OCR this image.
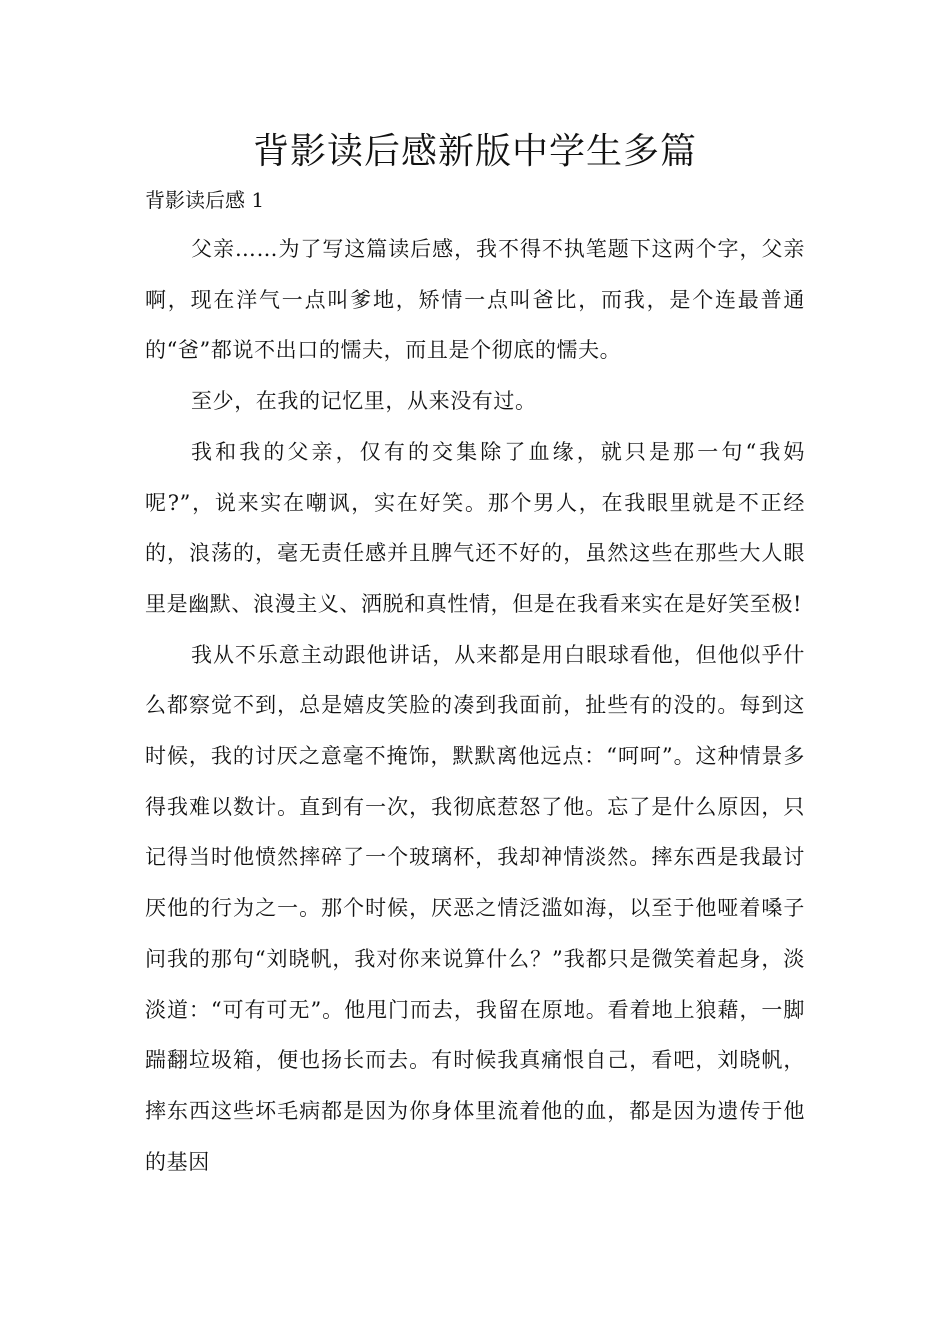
背影读后感新版中学生多篇

背影读后感 1

父亲……为了写这篇读后感，我不得不执笔题下这两个字，父亲啊，现在洋气一点叫爹地，矫情一点叫爸比，而我，是个连最普通的“爸”都说不出口的懦夫，而且是个彻底的懦夫。

至少，在我的记忆里，从来没有过。

我和我的父亲，仅有的交集除了血缘，就只是那一句“我妈呢?”，说来实在嘲讽，实在好笑。那个男人，在我眼里就是不正经的，浪荡的，毫无责任感并且脾气还不好的，虽然这些在那些大人眼里是幽默、浪漫主义、洒脱和真性情，但是在我看来实在是好笑至极!

我从不乐意主动跟他讲话，从来都是用白眼球看他，但他似乎什么都察觉不到，总是嬉皮笑脸的凑到我面前，扯些有的没的。每到这时候，我的讨厌之意毫不掩饰，默默离他远点：“呵呵”。这种情景多得我难以数计。直到有一次，我彻底惹怒了他。忘了是什么原因，只记得当时他愤然摔碎了一个玻璃杯，我却神情淡然。摔东西是我最讨厌他的行为之一。那个时候，厌恶之情泛滥如海，以至于他哑着嗓子问我的那句“刘晓帆，我对你来说算什么？”我都只是微笑着起身，淡淡道：“可有可无”。他甩门而去，我留在原地。看着地上狼藉，一脚踹翻垃圾箱，便也扬长而去。有时候我真痛恨自己，看吧，刘晓帆，摔东西这些坏毛病都是因为你身体里流着他的血，都是因为遗传于他的基因
